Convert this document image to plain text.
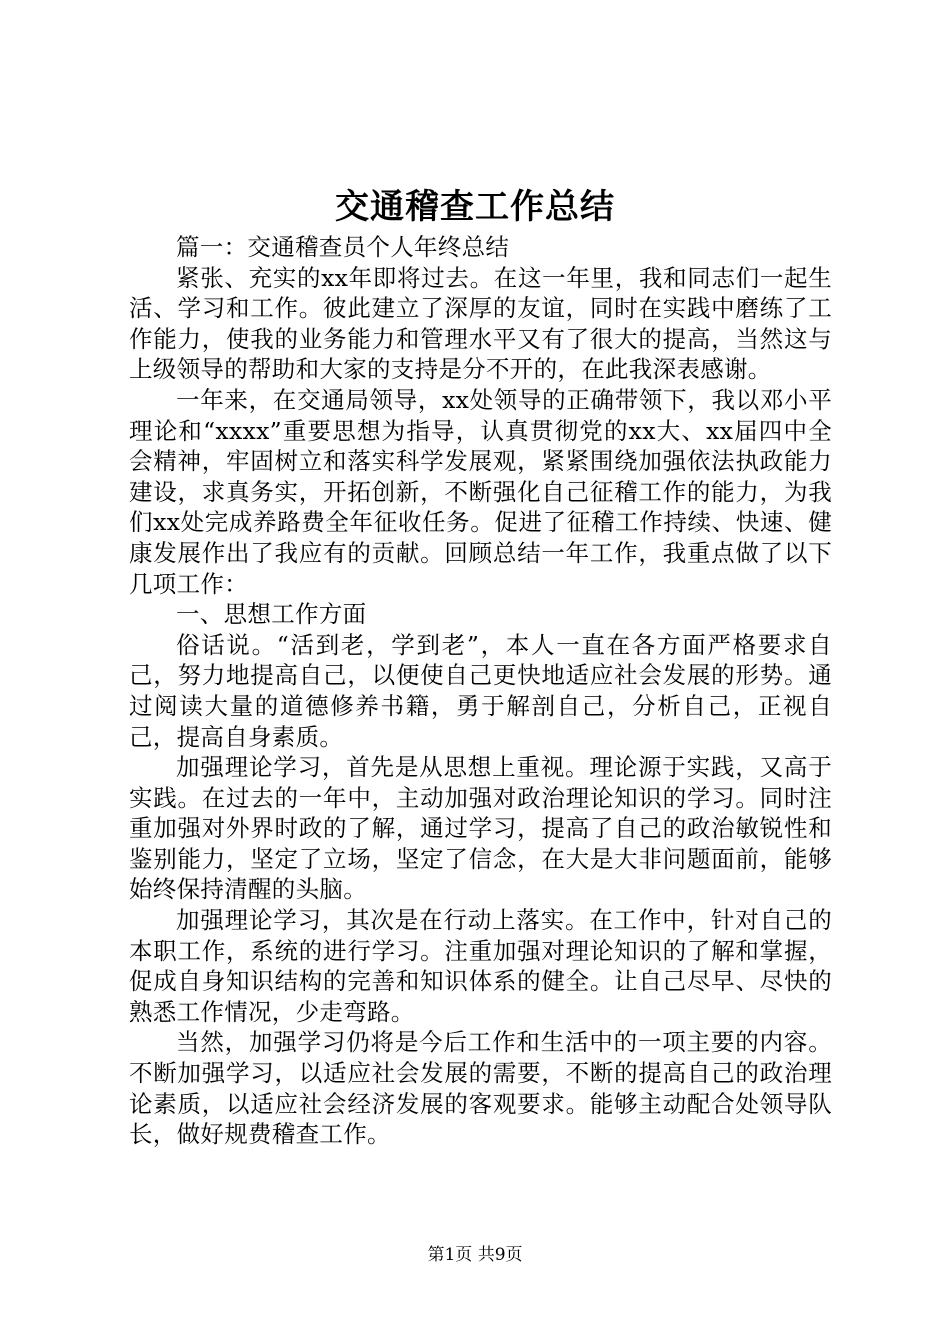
交通稽查工作总结

篇一：交通稽查员个人年终总结

紧张、充实的xx年即将过去。在这一年里，我和同志们一起生活、学习和工作。彼此建立了深厚的友谊，同时在实践中磨练了工作能力，使我的业务能力和管理水平又有了很大的提高，当然这与上级领导的帮助和大家的支持是分不开的，在此我深表感谢。

一年来，在交通局领导，xx处领导的正确带领下，我以邓小平理论和“xxxx”重要思想为指导，认真贯彻党的xx大、xx届四中全会精神，牢固树立和落实科学发展观，紧紧围绕加强依法执政能力建设，求真务实，开拓创新，不断强化自己征稽工作的能力，为我们xx处完成养路费全年征收任务。促进了征稽工作持续、快速、健康发展作出了我应有的贡献。回顾总结一年工作，我重点做了以下几项工作：

一、思想工作方面

俗话说。“活到老，学到老”，本人一直在各方面严格要求自己，努力地提高自己，以便使自己更快地适应社会发展的形势。通过阅读大量的道德修养书籍，勇于解剖自己，分析自己，正视自己，提高自身素质。

加强理论学习，首先是从思想上重视。理论源于实践，又高于实践。在过去的一年中，主动加强对政治理论知识的学习。同时注重加强对外界时政的了解，通过学习，提高了自己的政治敏锐性和鉴别能力，坚定了立场，坚定了信念，在大是大非问题面前，能够始终保持清醒的头脑。

加强理论学习，其次是在行动上落实。在工作中，针对自己的本职工作，系统的进行学习。注重加强对理论知识的了解和掌握，促成自身知识结构的完善和知识体系的健全。让自己尽早、尽快的熟悉工作情况，少走弯路。

当然，加强学习仍将是今后工作和生活中的一项主要的内容。不断加强学习，以适应社会发展的需要，不断的提高自己的政治理论素质，以适应社会经济发展的客观要求。能够主动配合处领导队长，做好规费稽查工作。

第1页 共9页
